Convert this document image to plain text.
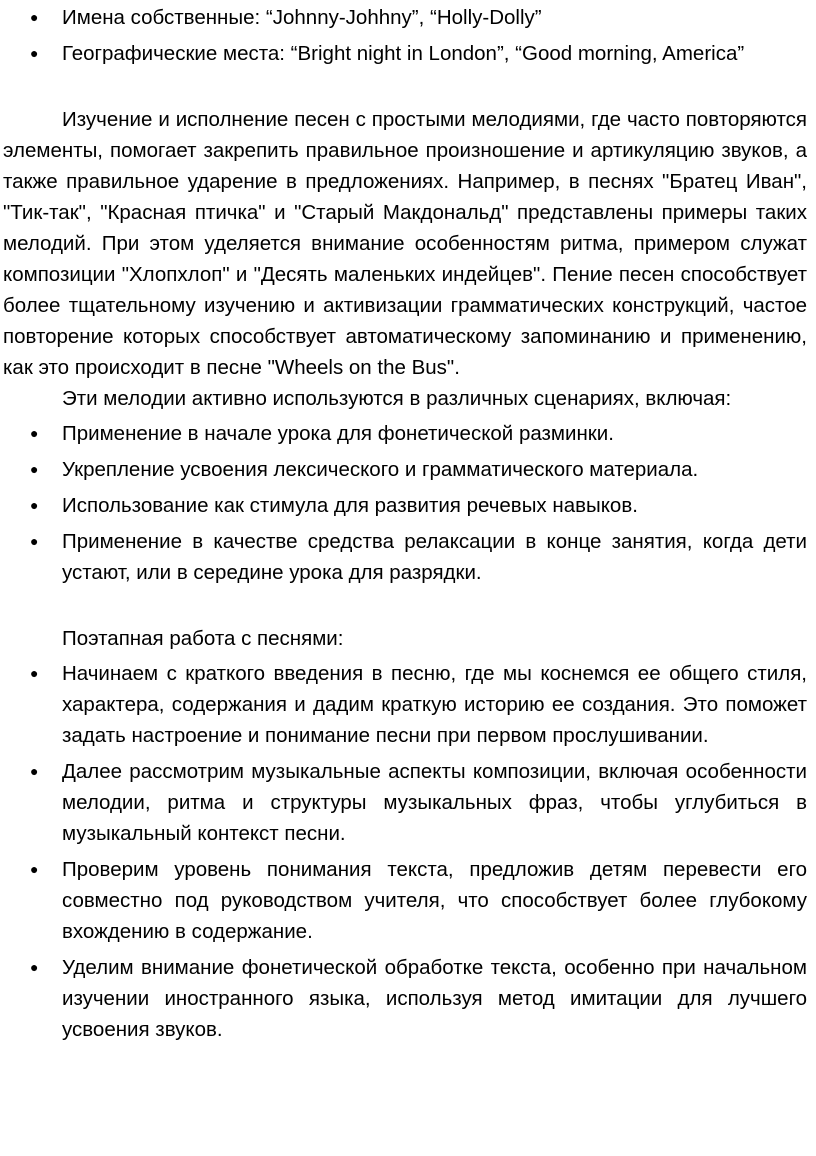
● Имена собственные: “Johnny-Johhny”, “Holly-Dolly”
● Географические места: “Bright night in London”, “Good morning, America”

Изучение и исполнение песен с простыми мелодиями, где часто повторяются элементы, помогает закрепить правильное произношение и артикуляцию звуков, а также правильное ударение в предложениях. Например, в песнях "Братец Иван", "Тик-так", "Красная птичка" и "Старый Макдональд" представлены примеры таких мелодий. При этом уделяется внимание особенностям ритма, примером служат композиции "Хлопхлоп" и "Десять маленьких индейцев". Пение песен способствует более тщательному изучению и активизации грамматических конструкций, частое повторение которых способствует автоматическому запоминанию и применению, как это происходит в песне "Wheels on the Bus".

Эти мелодии активно используются в различных сценариях, включая:

● Применение в начале урока для фонетической разминки.
● Укрепление усвоения лексического и грамматического материала.
● Использование как стимула для развития речевых навыков.
● Применение в качестве средства релаксации в конце занятия, когда дети устают, или в середине урока для разрядки.

Поэтапная работа с песнями:

● Начинаем с краткого введения в песню, где мы коснемся ее общего стиля, характера, содержания и дадим краткую историю ее создания. Это поможет задать настроение и понимание песни при первом прослушивании.
● Далее рассмотрим музыкальные аспекты композиции, включая особенности мелодии, ритма и структуры музыкальных фраз, чтобы углубиться в музыкальный контекст песни.
● Проверим уровень понимания текста, предложив детям перевести его совместно под руководством учителя, что способствует более глубокому вхождению в содержание.
● Уделим внимание фонетической обработке текста, особенно при начальном изучении иностранного языка, используя метод имитации для лучшего усвоения звуков.
